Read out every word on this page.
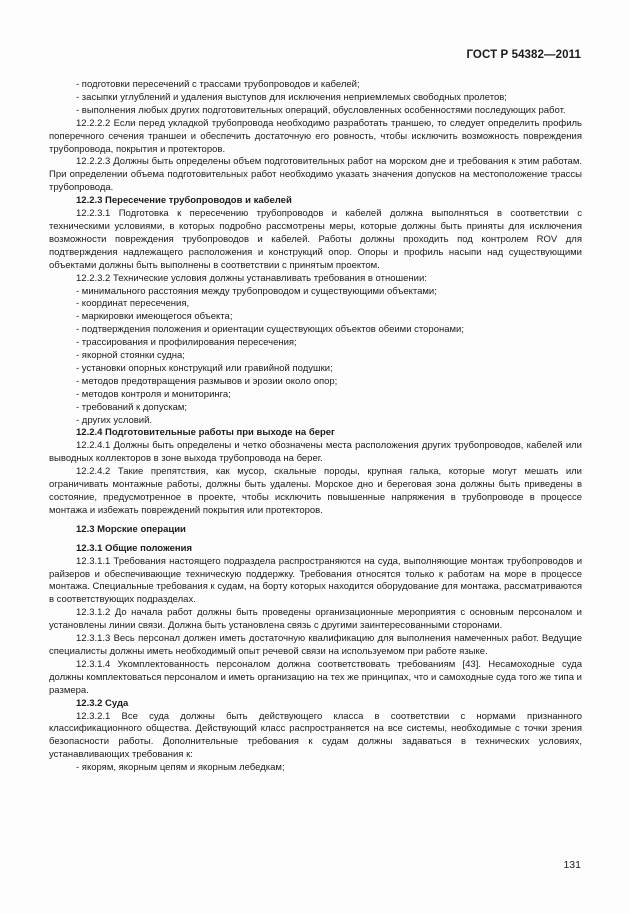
ГОСТ Р 54382—2011

- подготовки пересечений с трассами трубопроводов и кабелей;

- засыпки углублений и удаления выступов для исключения неприемлемых свободных пролетов;

- выполнения любых других подготовительных операций, обусловленных особенностями последующих работ.

12.2.2.2 Если перед укладкой трубопровода необходимо разработать траншею, то следует определить профиль поперечного сечения траншеи и обеспечить достаточную его ровность, чтобы исключить возможность повреждения трубопровода, покрытия и протекторов.

12.2.2.3 Должны быть определены объем подготовительных работ на морском дне и требования к этим работам. При определении объема подготовительных работ необходимо указать значения допусков на местоположение трассы трубопровода.

12.2.3 Пересечение трубопроводов и кабелей

12.2.3.1 Подготовка к пересечению трубопроводов и кабелей должна выполняться в соответствии с техническими условиями, в которых подробно рассмотрены меры, которые должны быть приняты для исключения возможности повреждения трубопроводов и кабелей. Работы должны проходить под контролем ROV для подтверждения надлежащего расположения и конструкций опор. Опоры и профиль насыпи над существующими объектами должны быть выполнены в соответствии с принятым проектом.

12.2.3.2 Технические условия должны устанавливать требования в отношении:

- минимального расстояния между трубопроводом и существующими объектами;

- координат пересечения,

- маркировки имеющегося объекта;

- подтверждения положения и ориентации существующих объектов обеими сторонами;

- трассирования и профилирования пересечения;

- якорной стоянки судна;

- установки опорных конструкций или гравийной подушки;

- методов предотвращения размывов и эрозии около опор;

- методов контроля и мониторинга;

- требований к допускам;

- других условий.

12.2.4 Подготовительные работы при выходе на берег

12.2.4.1 Должны быть определены и четко обозначены места расположения других трубопроводов, кабелей или выводных коллекторов в зоне выхода трубопровода на берег.

12.2.4.2 Такие препятствия, как мусор, скальные породы, крупная галька, которые могут мешать или ограничивать монтажные работы, должны быть удалены. Морское дно и береговая зона должны быть приведены в состояние, предусмотренное в проекте, чтобы исключить повышенные напряжения в трубопроводе в процессе монтажа и избежать повреждений покрытия или протекторов.

12.3 Морские операции

12.3.1 Общие положения

12.3.1.1 Требования настоящего подраздела распространяются на суда, выполняющие монтаж трубопроводов и райзеров и обеспечивающие техническую поддержку. Требования относятся только к работам на море в процессе монтажа. Специальные требования к судам, на борту которых находится оборудование для монтажа, рассматриваются в соответствующих подразделах.

12.3.1.2 До начала работ должны быть проведены организационные мероприятия с основным персоналом и установлены линии связи. Должна быть установлена связь с другими заинтересованными сторонами.

12.3.1.3 Весь персонал должен иметь достаточную квалификацию для выполнения намеченных работ. Ведущие специалисты должны иметь необходимый опыт речевой связи на используемом при работе языке.

12.3.1.4 Укомплектованность персоналом должна соответствовать требованиям [43]. Несамоходные суда должны комплектоваться персоналом и иметь организацию на тех же принципах, что и самоходные суда того же типа и размера.

12.3.2 Суда

12.3.2.1 Все суда должны быть действующего класса в соответствии с нормами признанного классификационного общества. Действующий класс распространяется на все системы, необходимые с точки зрения безопасности работы. Дополнительные требования к судам должны задаваться в технических условиях, устанавливающих требования к:

- якорям, якорным цепям и якорным лебедкам;

131
